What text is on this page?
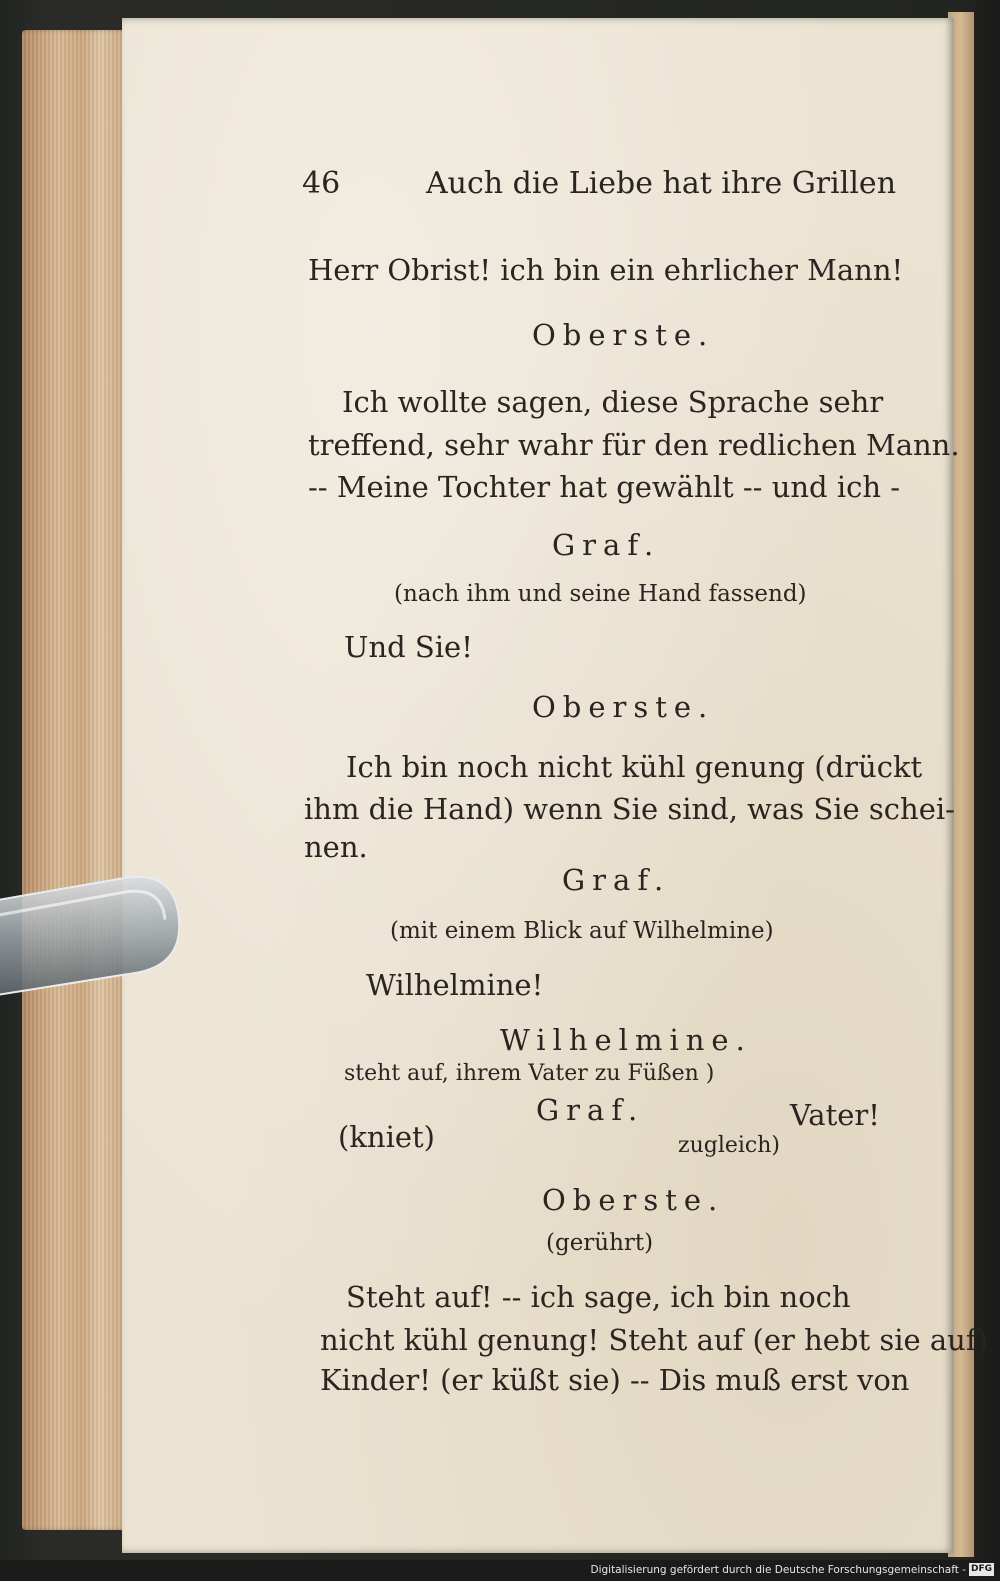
46	Auch die Liebe hat ihre Grillen
Herr Obrist! ich bin ein ehrlicher Mann!
Oberste.
Ich wollte sagen, diese Sprache sehr
treffend, sehr wahr für den redlichen Mann.
-- Meine Tochter hat gewählt -- und ich -
Graf.
(nach ihm und seine Hand fassend)
Und Sie!
Oberste.
Ich bin noch nicht kühl genung (drückt
ihm die Hand) wenn Sie sind, was Sie schei-
nen.
Graf.
(mit einem Blick auf Wilhelmine)
Wilhelmine!
Wilhelmine.
steht auf, ihrem Vater zu Füßen )
Graf.	Vater!
(kniet)	zugleich)
Oberste.
(gerührt)
Steht auf! -- ich sage, ich bin noch
nicht kühl genung! Steht auf (er hebt sie auf)
Kinder! (er küßt sie) -- Dis muß erst von
Digitalisierung gefördert durch die Deutsche Forschungsgemeinschaft - DFG
